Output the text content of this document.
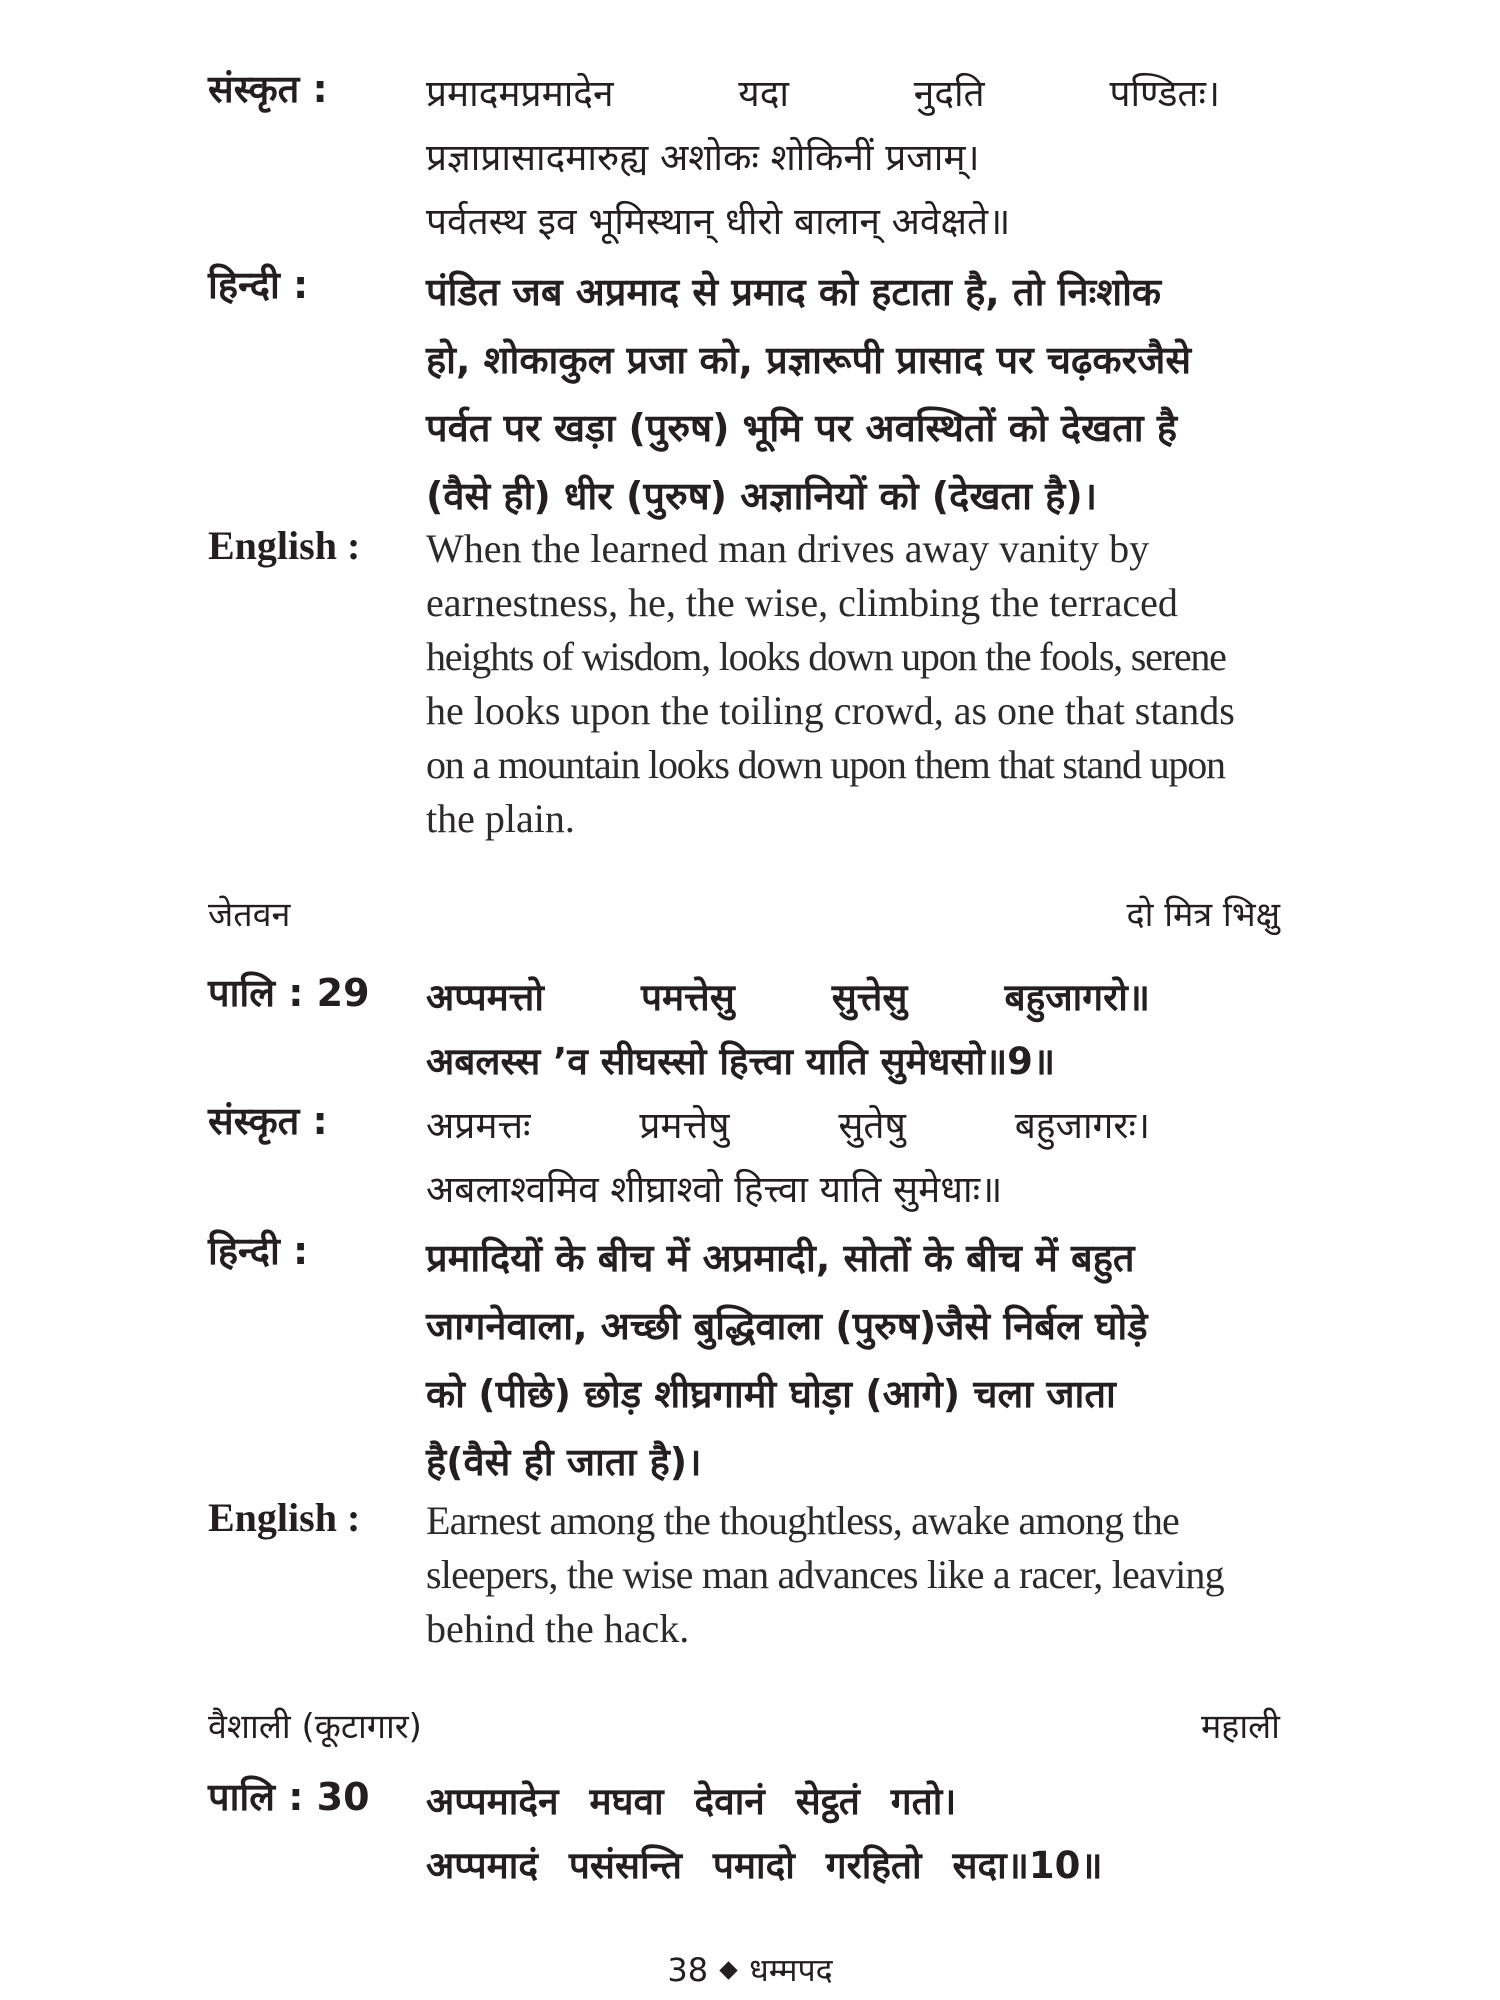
संस्कृत :	प्रमादमप्रमादेन	यदा	नुदति	पण्डितः।
प्रज्ञाप्रासादमारुह्य अशोकः शोकिनीं प्रजाम्।
पर्वतस्थ इव भूमिस्थान् धीरो बालान् अवेक्षते॥
हिन्दी :	पंडित जब अप्रमाद से प्रमाद को हटाता है, तो निःशोक
हो, शोकाकुल प्रजा को, प्रज्ञारूपी प्रासाद पर चढ़करजैसे
पर्वत पर खड़ा (पुरुष) भूमि पर अवस्थितों को देखता है
(वैसे ही) धीर (पुरुष) अज्ञानियों को (देखता है)।
English : When the learned man drives away vanity by
earnestness, he, the wise, climbing the terraced
heights of wisdom, looks down upon the fools, serene
he looks upon the toiling crowd, as one that stands
on a mountain looks down upon them that stand upon
the plain.
जेतवन	दो मित्र भिक्षु
पालि : 29 अप्पमत्तो	पमत्तेसु	सुत्तेसु	बहुजागरो॥
अबलस्स ’व सीघस्सो हित्त्वा याति सुमेधसो॥9॥
संस्कृत :	अप्रमत्तः	प्रमत्तेषु	सुतेषु	बहुजागरः।
अबलाश्वमिव शीघ्राश्वो हित्त्वा याति सुमेधाः॥
हिन्दी :	प्रमादियों के बीच में अप्रमादी, सोतों के बीच में बहुत
जागनेवाला, अच्छी बुद्धिवाला (पुरुष)जैसे निर्बल घोड़े
को (पीछे) छोड़ शीघ्रगामी घोड़ा (आगे) चला जाता
है(वैसे ही जाता है)।
English : Earnest among the thoughtless, awake among the
sleepers, the wise man advances like a racer, leaving
behind the hack.
वैशाली (कूटागार)	महाली
पालि : 30 अप्पमादेन मघवा देवानं सेट्ठतं गतो।
अप्पमादं पसंसन्ति पमादो गरहितो सदा॥10॥
38 धम्मपद
